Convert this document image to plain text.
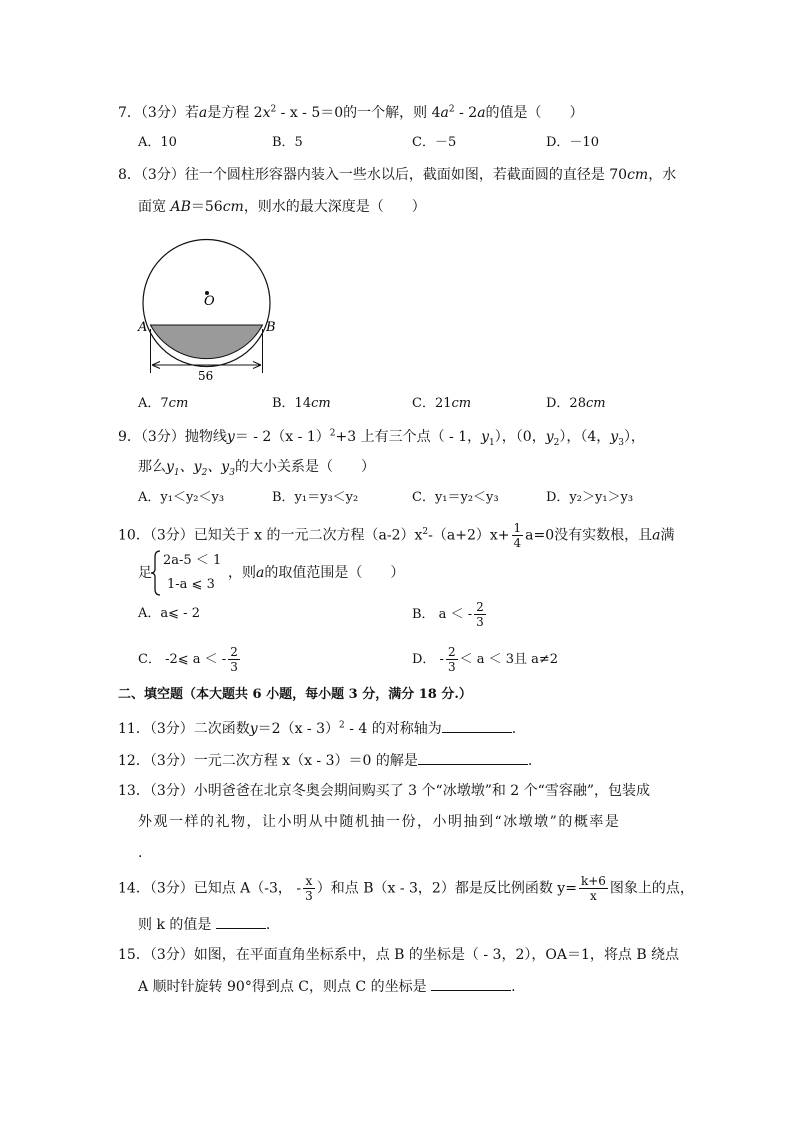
7．（3分）若a是方程 $2x^2 - x - 5=0$的一个解，则 $4a^2 - 2a$的值是（　　）
A．10	B．5	C．－5	D．－10
8．（3分）往一个圆柱形容器内装入一些水以后，截面如图，若截面圆的直径是 70cm，水
面宽 AB＝56cm，则水的最大深度是（　　）
O
A	B
56
A．7cm	B．14cm	C．21cm	D．28cm
9．（3分）抛物线y＝ - 2（x - 1）$^2$+3 上有三个点（ - 1，$y_1$），（0，$y_2$），（4，$y_3$），
那么$y_1$、$y_2$、$y_3$的大小关系是（　　）
A．y₁＜y₂＜y₃	B．y₁＝y₃＜y₂	C．y₁＝y₂＜y₃	D．y₂＞y₁＞y₃
10．（3分）已知关于 x 的一元二次方程$(a-2)x^2-(a+2)x+ \frac{1}{4} a=0$没有实数根，且a满
足
2a-5 ＜ 1
1-a ⩽ 3
，则a的取值范围是（　　）
A．a⩽ - 2	B． a ＜ - $\frac{2}{3}$
C． -2⩽ a ＜ - $\frac{2}{3}$	D． - $\frac{2}{3} < a < 3$且 a≠2
二、填空题（本大题共 6 小题，每小题 3 分，满分 18 分.）
11．（3分）二次函数y＝2（x - 3）$^2$ - 4 的对称轴为	.
12．（3分）一元二次方程 x（x - 3）＝0 的解是	.
13．（3分）小明爸爸在北京冬奥会期间购买了 3 个“冰墩墩”和 2 个“雪容融”，包装成
外观一样的礼物，让小明从中随机抽一份，小明抽到“冰墩墩”的概率是
.
14．（3分）已知点 A（-3， - $\frac{x}{3}$ ）和点 B（x - 3，2）都是反比例函数 $y= \frac{k+6}{x}$ 图象上的点，
则 k 的值是	.
15．（3分）如图，在平面直角坐标系中，点 B 的坐标是（ - 3，2），OA＝1，将点 B 绕点
A 顺时针旋转 90°得到点 C，则点 C 的坐标是	.
